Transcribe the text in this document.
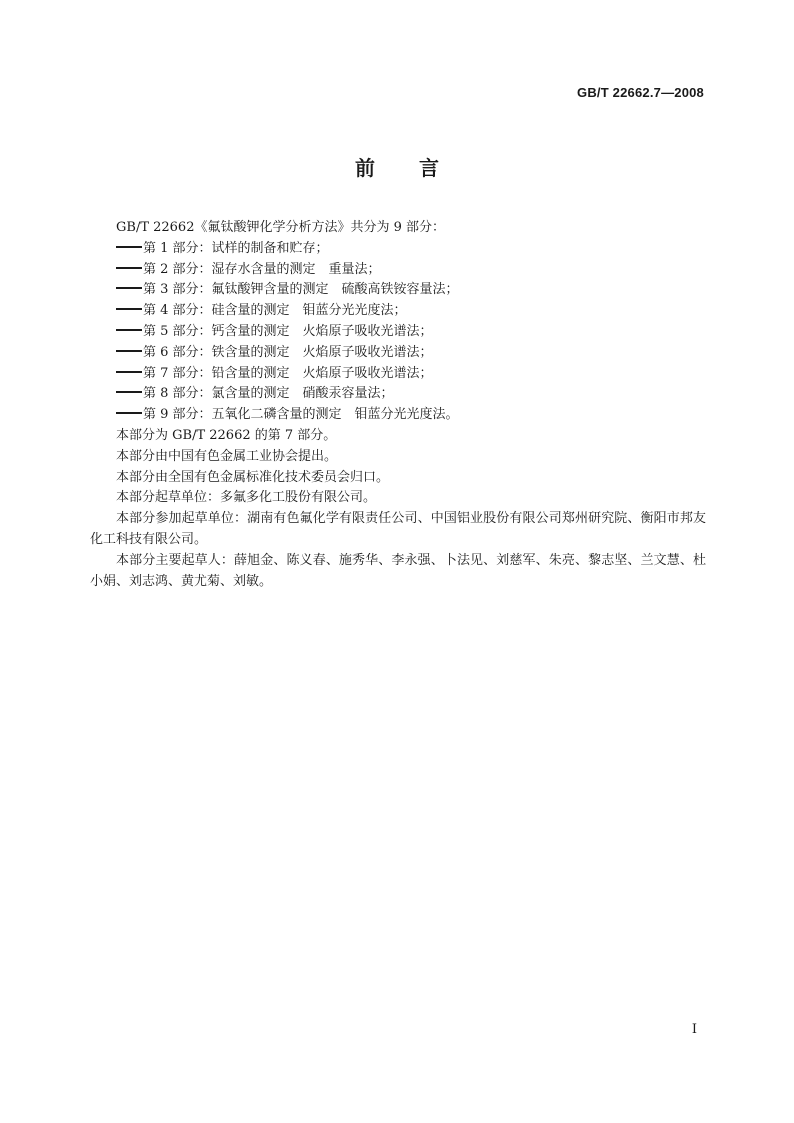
GB/T 22662.7—2008
前 言

GB/T 22662《氟钛酸钾化学分析方法》共分为 9 部分：

第 1 部分：试样的制备和贮存；

第 2 部分：湿存水含量的测定　重量法；

第 3 部分：氟钛酸钾含量的测定　硫酸高铁铵容量法；

第 4 部分：硅含量的测定　钼蓝分光光度法；

第 5 部分：钙含量的测定　火焰原子吸收光谱法；

第 6 部分：铁含量的测定　火焰原子吸收光谱法；

第 7 部分：铅含量的测定　火焰原子吸收光谱法；

第 8 部分：氯含量的测定　硝酸汞容量法；

第 9 部分：五氧化二磷含量的测定　钼蓝分光光度法。

本部分为 GB/T 22662 的第 7 部分。

本部分由中国有色金属工业协会提出。

本部分由全国有色金属标准化技术委员会归口。

本部分起草单位：多氟多化工股份有限公司。

本部分参加起草单位：湖南有色氟化学有限责任公司、中国铝业股份有限公司郑州研究院、衡阳市邦友化工科技有限公司。

本部分主要起草人：薛旭金、陈义春、施秀华、李永强、卜法见、刘慈军、朱亮、黎志坚、兰文慧、杜小娟、刘志鸿、黄尤菊、刘敏。

I
